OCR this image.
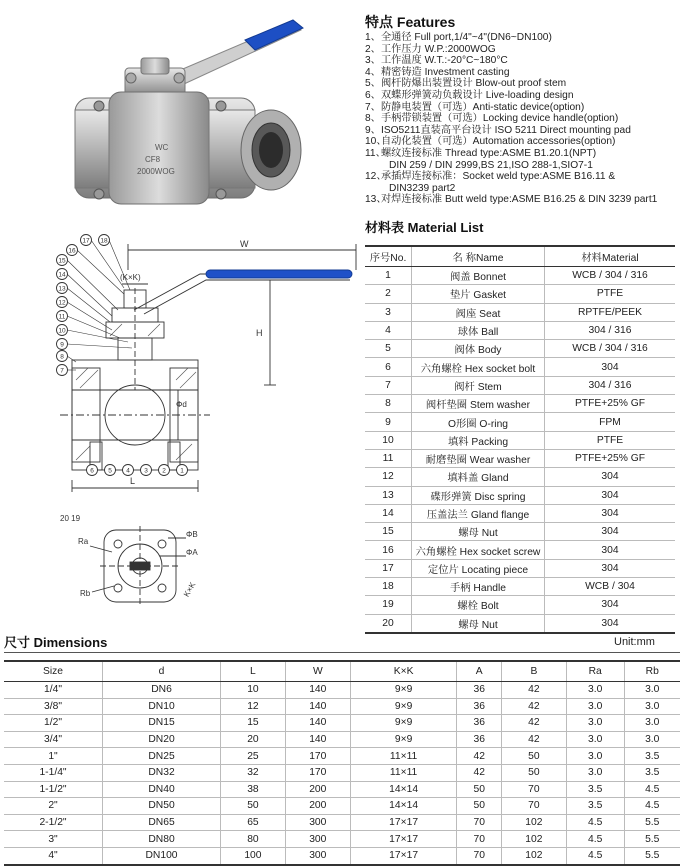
WC
CF8
2000WOG
特点 Features
1、全通径 Full port,1/4"~4"(DN6~DN100)
2、工作压力 W.P.:2000WOG
3、工作温度 W.T.:-20°C~180°C
4、精密铸造 Investment casting
5、阀杆防爆出装置设计 Blow-out proof stem
6、双蝶形弹簧动负载设计 Live-loading design
7、防静电装置（可选）Anti-static device(option)
8、手柄带锁装置（可选）Locking device handle(option)
9、ISO5211直装高平台设计 ISO 5211 Direct mounting pad
10、自动化装置（可选）Automation accessories(option)
11、螺纹连接标准 Thread type:ASME B1.20.1(NPT)
DIN 259 / DIN 2999,BS 21,ISO 288-1,SIO7-1
12、承插焊连接标准：Socket weld type:ASME B16.11 &
DIN3239 part2
13、对焊连接标准 Butt weld type:ASME B16.25 & DIN 3239 part1
材料表 Material List
序号No.	名 称Name	材料Material
1	阀盖 Bonnet	WCB / 304 / 316
2	垫片 Gasket	PTFE
3	阀座 Seat	RPTFE/PEEK
4	球体 Ball	304 / 316
5	阀体 Body	WCB / 304 / 316
6	六角螺栓 Hex socket bolt	304
7	阀杆 Stem	304 / 316
8	阀杆垫圈 Stem washer	PTFE+25% GF
9	O形圈 O-ring	FPM
10	填料 Packing	PTFE
11	耐磨垫圈 Wear washer	PTFE+25% GF
12	填料盖 Gland	304
13	碟形弹簧 Disc spring	304
14	压盖法兰 Gland flange	304
15	螺母 Nut	304
16	六角螺栓 Hex socket screw	304
17	定位片 Locating piece	304
18	手柄 Handle	WCB / 304
19	螺栓 Bolt	304
20	螺母 Nut	304
W
H
(K×K)
Φd
L
16
15
14
13
12
11
10
9
8
7
17 18
6 5 4 3 2 1
20 19
Ra
Rb
ΦB
ΦA
K×K
尺寸 Dimensions	Unit:mm
Size	d	L	W	K×K	A	B	Ra	Rb
1/4"	DN6	10	140	9×9	36	42	3.0	3.0
3/8"	DN10	12	140	9×9	36	42	3.0	3.0
1/2"	DN15	15	140	9×9	36	42	3.0	3.0
3/4"	DN20	20	140	9×9	36	42	3.0	3.0
1"	DN25	25	170	11×11	42	50	3.0	3.5
1-1/4"	DN32	32	170	11×11	42	50	3.0	3.5
1-1/2"	DN40	38	200	14×14	50	70	3.5	4.5
2"	DN50	50	200	14×14	50	70	3.5	4.5
2-1/2"	DN65	65	300	17×17	70	102	4.5	5.5
3"	DN80	80	300	17×17	70	102	4.5	5.5
4"	DN100	100	300	17×17	70	102	4.5	5.5
